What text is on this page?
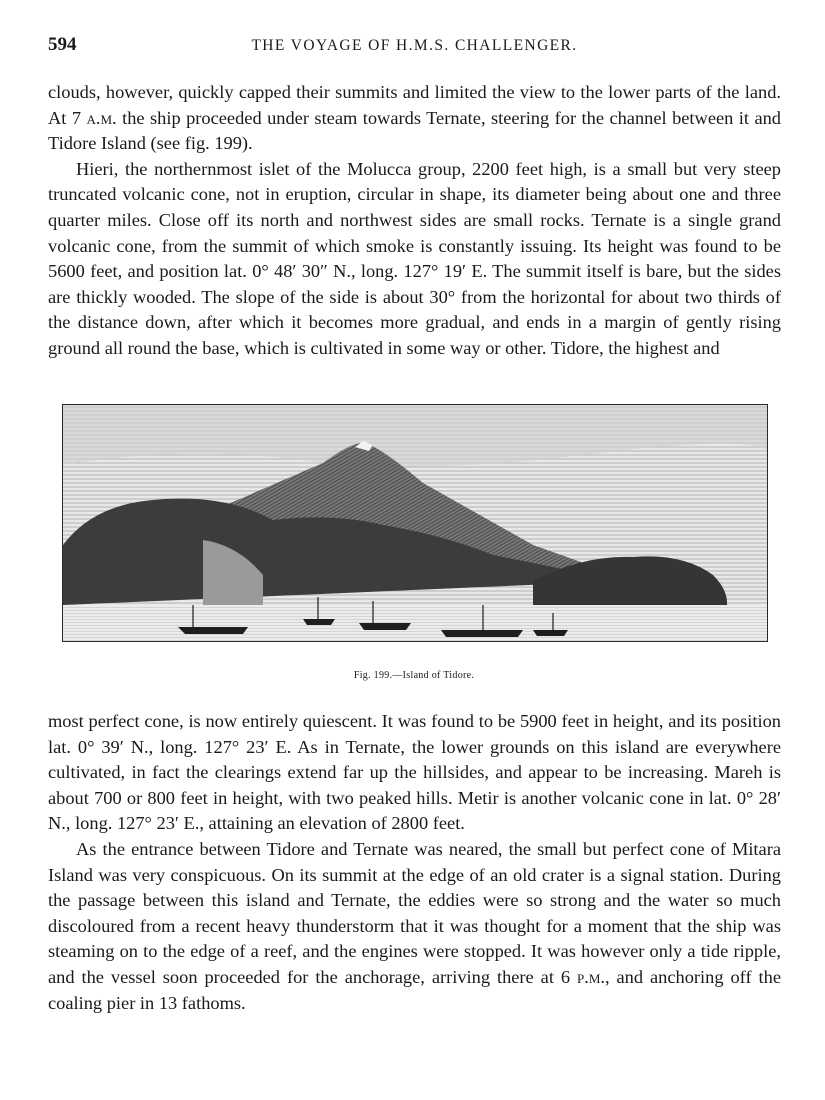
594	THE VOYAGE OF H.M.S. CHALLENGER.

clouds, however, quickly capped their summits and limited the view to the lower parts of the land. At 7 a.m. the ship proceeded under steam towards Ternate, steering for the channel between it and Tidore Island (see fig. 199).

Hieri, the northernmost islet of the Molucca group, 2200 feet high, is a small but very steep truncated volcanic cone, not in eruption, circular in shape, its diameter being about one and three quarter miles. Close off its north and northwest sides are small rocks. Ternate is a single grand volcanic cone, from the summit of which smoke is constantly issuing. Its height was found to be 5600 feet, and position lat. 0° 48′ 30″ N., long. 127° 19′ E. The summit itself is bare, but the sides are thickly wooded. The slope of the side is about 30° from the horizontal for about two thirds of the distance down, after which it becomes more gradual, and ends in a margin of gently rising ground all round the base, which is cultivated in some way or other. Tidore, the highest and

Fig. 199.—Island of Tidore.

most perfect cone, is now entirely quiescent. It was found to be 5900 feet in height, and its position lat. 0° 39′ N., long. 127° 23′ E. As in Ternate, the lower grounds on this island are everywhere cultivated, in fact the clearings extend far up the hillsides, and appear to be increasing. Mareh is about 700 or 800 feet in height, with two peaked hills. Metir is another volcanic cone in lat. 0° 28′ N., long. 127° 23′ E., attaining an elevation of 2800 feet.

As the entrance between Tidore and Ternate was neared, the small but perfect cone of Mitara Island was very conspicuous. On its summit at the edge of an old crater is a signal station. During the passage between this island and Ternate, the eddies were so strong and the water so much discoloured from a recent heavy thunderstorm that it was thought for a moment that the ship was steaming on to the edge of a reef, and the engines were stopped. It was however only a tide ripple, and the vessel soon proceeded for the anchorage, arriving there at 6 p.m., and anchoring off the coaling pier in 13 fathoms.
